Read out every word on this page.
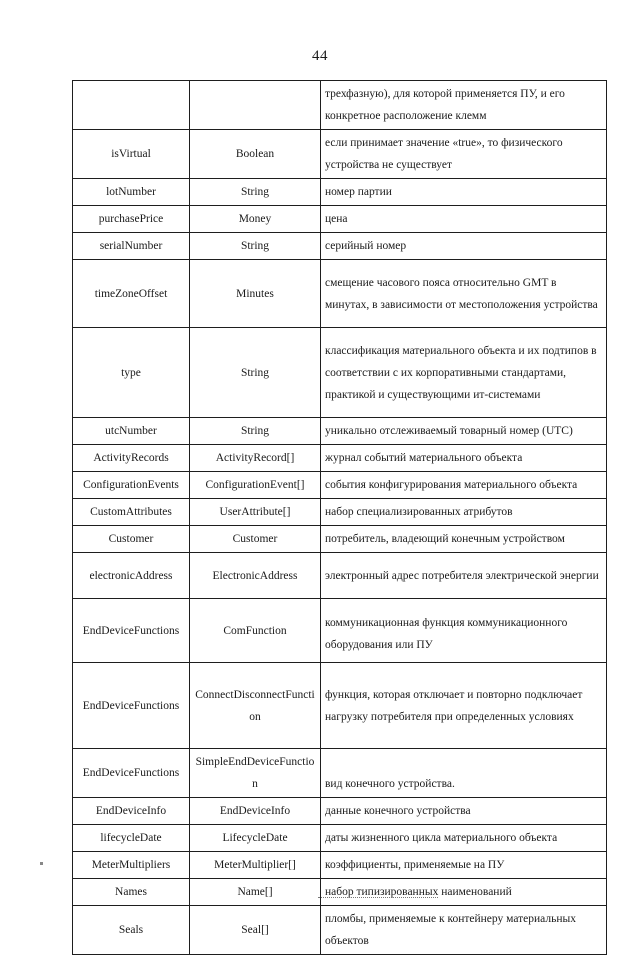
44
		трехфазную), для которой применяется ПУ, и его конкретное расположение клемм
isVirtual	Boolean	если принимает значение «true», то физического устройства не существует
lotNumber	String	номер партии
purchasePrice	Money	цена
serialNumber	String	серийный номер
timeZoneOffset	Minutes	смещение часового пояса относительно GMT в минутах, в зависимости от местоположения устройства
type	String	классификация материального объекта и их подтипов в соответствии с их корпоративными стандартами, практикой и существующими ит-системами
utcNumber	String	уникально отслеживаемый товарный номер (UTC)
ActivityRecords	ActivityRecord[]	журнал событий материального объекта
ConfigurationEvents	ConfigurationEvent[]	события конфигурирования материального объекта
CustomAttributes	UserAttribute[]	набор специализированных атрибутов
Customer	Customer	потребитель, владеющий конечным устройством
electronicAddress	ElectronicAddress	электронный адрес потребителя электрической энергии
EndDeviceFunctions	ComFunction	коммуникационная функция коммуникационного оборудования или ПУ
EndDeviceFunctions	ConnectDisconnectFunction	функция, которая отключает и повторно подключает нагрузку потребителя при определенных условиях
EndDeviceFunctions	SimpleEndDeviceFunction	вид конечного устройства.
EndDeviceInfo	EndDeviceInfo	данные конечного устройства
lifecycleDate	LifecycleDate	даты жизненного цикла материального объекта
MeterMultipliers	MeterMultiplier[]	коэффициенты, применяемые на ПУ
Names	Name[]	набор типизированных наименований
Seals	Seal[]	пломбы, применяемые к контейнеру материальных объектов
